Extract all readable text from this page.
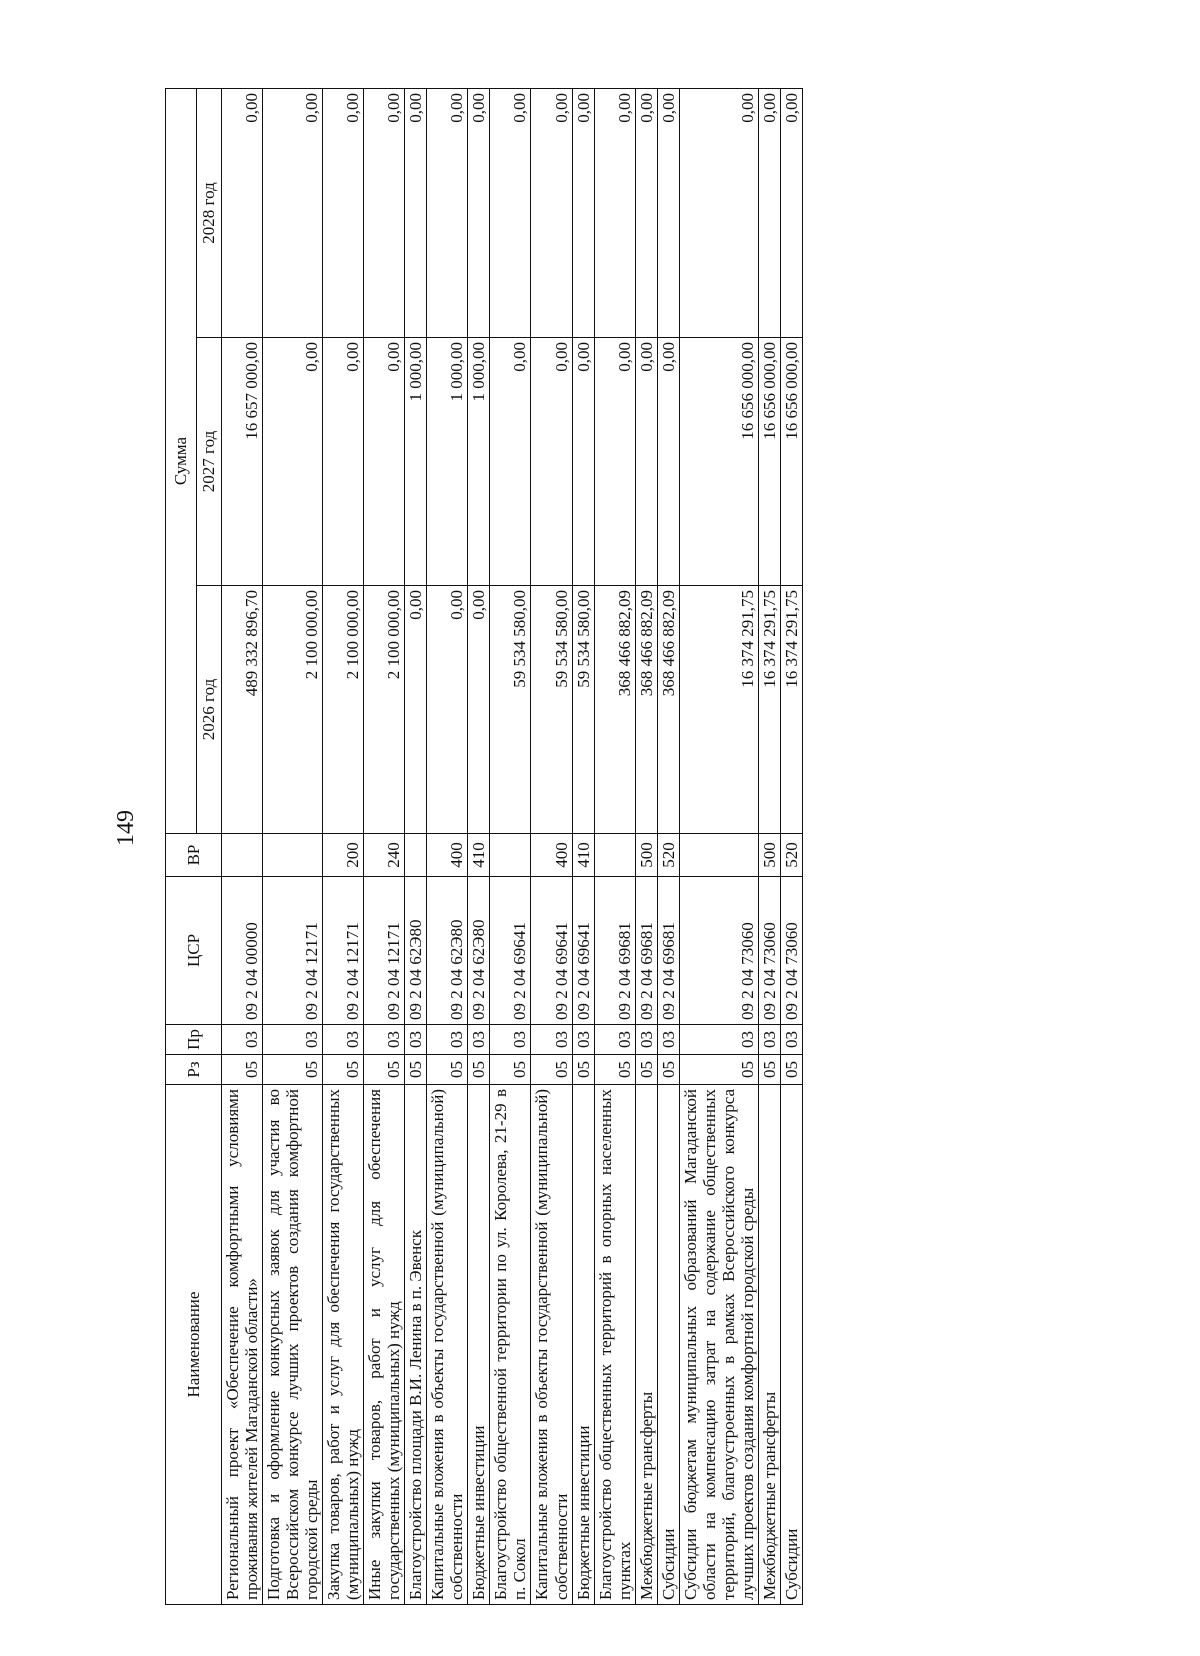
149
Наименование	Рз	Пр	ЦСР	ВР	Сумма		
					2026 год	2027 год	2028 год
Региональный проект «Обеспечение комфортными условиями проживания жителей Магаданской области»	05	03	09 2 04 00000		489 332 896,70	16 657 000,00	0,00
Подготовка и оформление конкурсных заявок для участия во Всероссийском конкурсе лучших проектов создания комфортной городской среды	05	03	09 2 04 12171		2 100 000,00	0,00	0,00
Закупка товаров, работ и услуг для обеспечения государственных (муниципальных) нужд	05	03	09 2 04 12171	200	2 100 000,00	0,00	0,00
Иные закупки товаров, работ и услуг для обеспечения государственных (муниципальных) нужд	05	03	09 2 04 12171	240	2 100 000,00	0,00	0,00
Благоустройство площади В.И. Ленина в п. Эвенск	05	03	09 2 04 62Э80		0,00	1 000,00	0,00
Капитальные вложения в объекты государственной (муниципальной) собственности	05	03	09 2 04 62Э80	400	0,00	1 000,00	0,00
Бюджетные инвестиции	05	03	09 2 04 62Э80	410	0,00	1 000,00	0,00
Благоустройство общественной территории по ул. Королева, 21-29 в п. Сокол	05	03	09 2 04 69641		59 534 580,00	0,00	0,00
Капитальные вложения в объекты государственной (муниципальной) собственности	05	03	09 2 04 69641	400	59 534 580,00	0,00	0,00
Бюджетные инвестиции	05	03	09 2 04 69641	410	59 534 580,00	0,00	0,00
Благоустройство общественных территорий в опорных населенных пунктах	05	03	09 2 04 69681		368 466 882,09	0,00	0,00
Межбюджетные трансферты	05	03	09 2 04 69681	500	368 466 882,09	0,00	0,00
Субсидии	05	03	09 2 04 69681	520	368 466 882,09	0,00	0,00
Субсидии бюджетам муниципальных образований Магаданской области на компенсацию затрат на содержание общественных территорий, благоустроенных в рамках Всероссийского конкурса лучших проектов создания комфортной городской среды	05	03	09 2 04 73060		16 374 291,75	16 656 000,00	0,00
Межбюджетные трансферты	05	03	09 2 04 73060	500	16 374 291,75	16 656 000,00	0,00
Субсидии	05	03	09 2 04 73060	520	16 374 291,75	16 656 000,00	0,00
